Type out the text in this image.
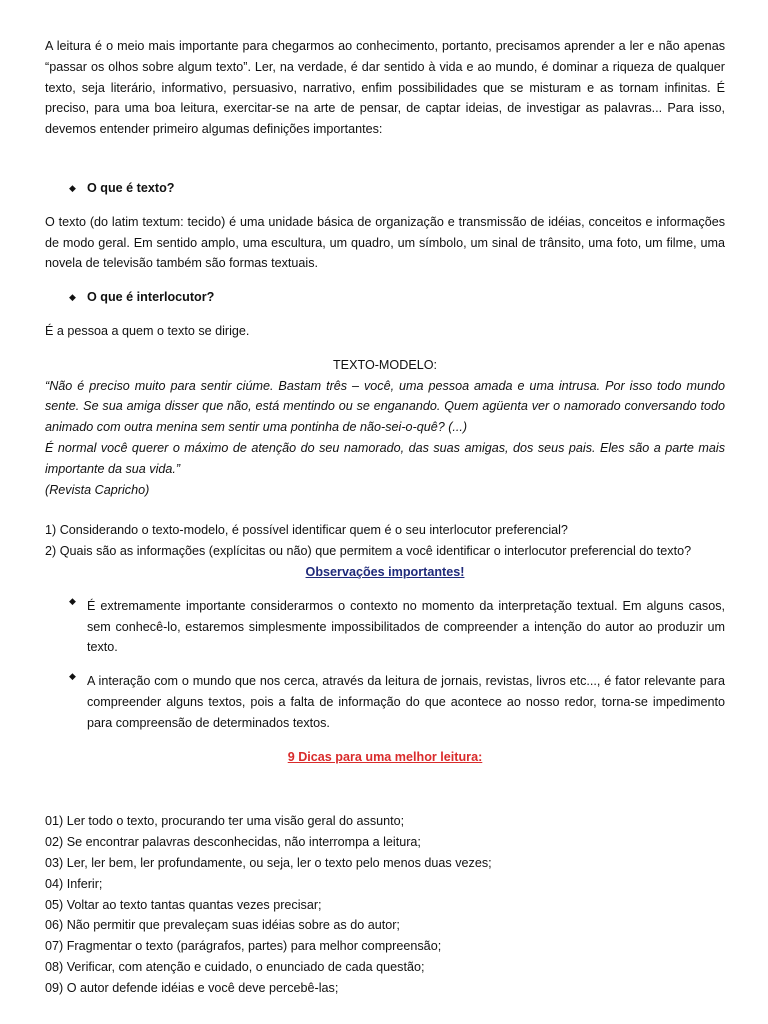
A leitura é o meio mais importante para chegarmos ao conhecimento, portanto, precisamos aprender a ler e não apenas “passar os olhos sobre algum texto”. Ler, na verdade, é dar sentido à vida e ao mundo, é dominar a riqueza de qualquer texto, seja literário, informativo, persuasivo, narrativo, enfim possibilidades que se misturam e as tornam infinitas. É preciso, para uma boa leitura, exercitar-se na arte de pensar, de captar ideias, de investigar as palavras... Para isso, devemos entender primeiro algumas definições importantes:

◆ O que é texto?

O texto (do latim textum: tecido) é uma unidade básica de organização e transmissão de idéias, conceitos e informações de modo geral. Em sentido amplo, uma escultura, um quadro, um símbolo, um sinal de trânsito, uma foto, um filme, uma novela de televisão também são formas textuais.

◆ O que é interlocutor?

É a pessoa a quem o texto se dirige.

TEXTO-MODELO:

“Não é preciso muito para sentir ciúme. Bastam três – você, uma pessoa amada e uma intrusa. Por isso todo mundo sente. Se sua amiga disser que não, está mentindo ou se enganando. Quem agüenta ver o namorado conversando todo animado com outra menina sem sentir uma pontinha de não-sei-o-quê? (...)

É normal você querer o máximo de atenção do seu namorado, das suas amigas, dos seus pais. Eles são a parte mais importante da sua vida.”

(Revista Capricho)

1) Considerando o texto-modelo, é possível identificar quem é o seu interlocutor preferencial?

2) Quais são as informações (explícitas ou não) que permitem a você identificar o interlocutor preferencial do texto?

Observações importantes!

◆ É extremamente importante considerarmos o contexto no momento da interpretação textual. Em alguns casos, sem conhecê-lo, estaremos simplesmente impossibilitados de compreender a intenção do autor ao produzir um texto.

◆ A interação com o mundo que nos cerca, através da leitura de jornais, revistas, livros etc..., é fator relevante para compreender alguns textos, pois a falta de informação do que acontece ao nosso redor, torna-se impedimento para compreensão de determinados textos.

9 Dicas para uma melhor leitura:

01) Ler todo o texto, procurando ter uma visão geral do assunto;

02) Se encontrar palavras desconhecidas, não interrompa a leitura;

03) Ler, ler bem, ler profundamente, ou seja, ler o texto pelo menos duas vezes;

04) Inferir;

05) Voltar ao texto tantas quantas vezes precisar;

06) Não permitir que prevaleçam suas idéias sobre as do autor;

07) Fragmentar o texto (parágrafos, partes) para melhor compreensão;

08) Verificar, com atenção e cuidado, o enunciado de cada questão;

09) O autor defende idéias e você deve percebê-las;
